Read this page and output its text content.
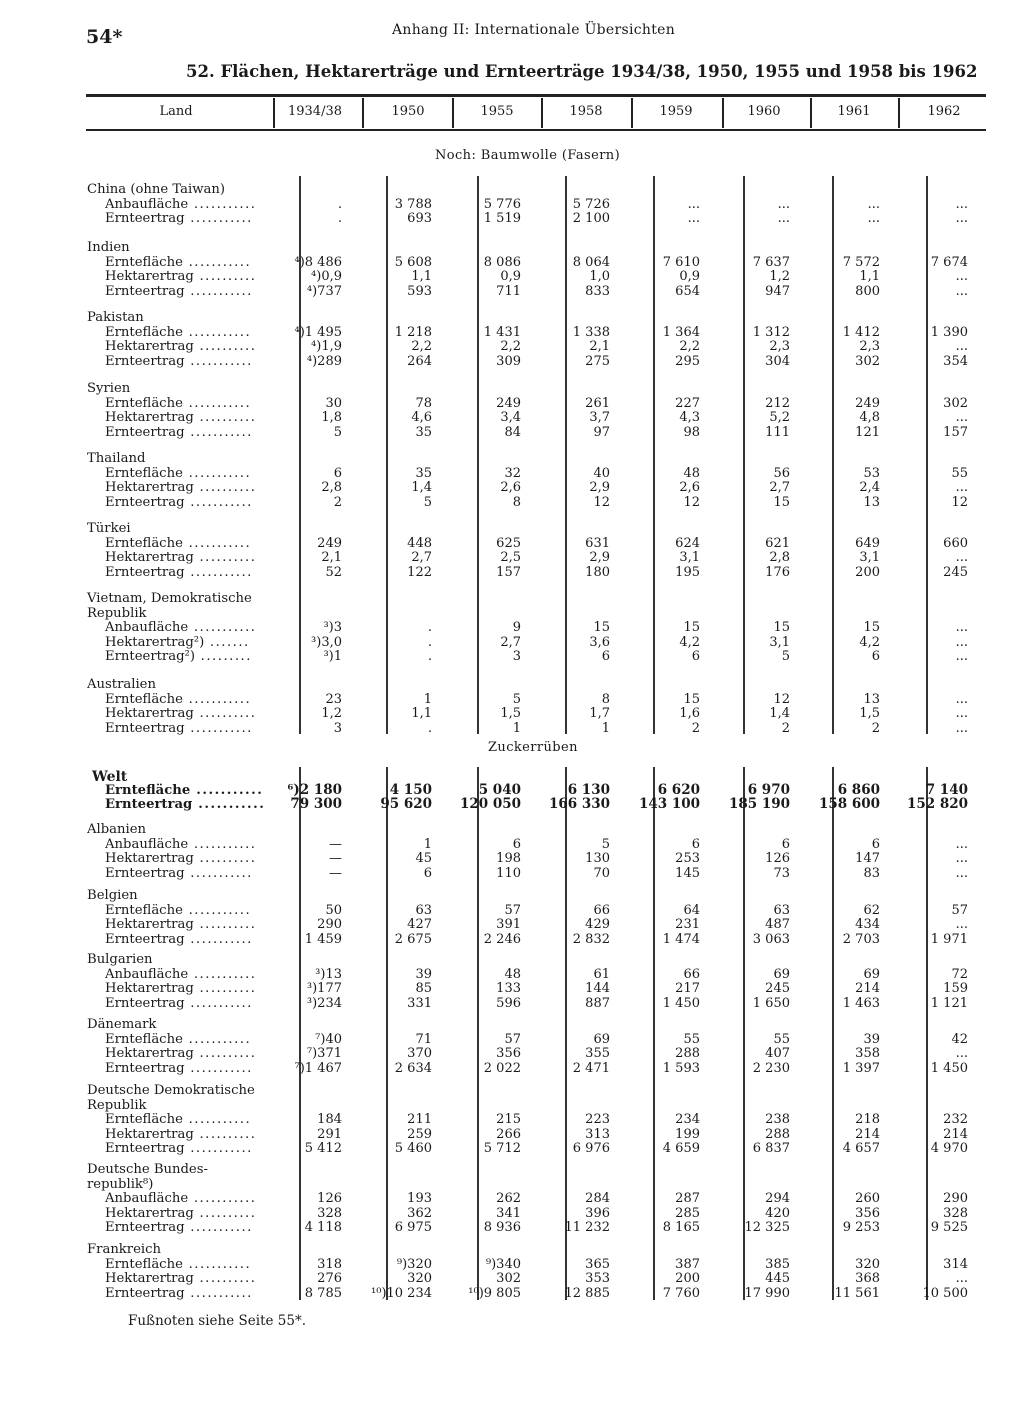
54*	Anhang II: Internationale Übersichten
52. Flächen, Hektarerträge und Ernteerträge 1934/38, 1950, 1955 und 1958 bis 1962
Land	1934/38	1950	1955	1958	1959	1960	1961	1962
Noch: Baumwolle (Fasern)
China (ohne Taiwan)
Anbaufläche ...........	.	3 788	5 776	5 726	...	...	...	...
Ernteertrag ...........	.	693	1 519	2 100	...	...	...	...
Indien
Erntefläche ...........	⁴)8 486	5 608	8 086	8 064	7 610	7 637	7 572	7 674
Hektarertrag ..........	⁴)0,9	1,1	0,9	1,0	0,9	1,2	1,1	...
Ernteertrag ...........	⁴)737	593	711	833	654	947	800	...
Pakistan
Erntefläche ...........	⁴)1 495	1 218	1 431	1 338	1 364	1 312	1 412	1 390
Hektarertrag ..........	⁴)1,9	2,2	2,2	2,1	2,2	2,3	2,3	...
Ernteertrag ...........	⁴)289	264	309	275	295	304	302	354
Syrien
Erntefläche ...........	30	78	249	261	227	212	249	302
Hektarertrag ..........	1,8	4,6	3,4	3,7	4,3	5,2	4,8	...
Ernteertrag ...........	5	35	84	97	98	111	121	157
Thailand
Erntefläche ...........	6	35	32	40	48	56	53	55
Hektarertrag ..........	2,8	1,4	2,6	2,9	2,6	2,7	2,4	...
Ernteertrag ...........	2	5	8	12	12	15	13	12
Türkei
Erntefläche ...........	249	448	625	631	624	621	649	660
Hektarertrag ..........	2,1	2,7	2,5	2,9	3,1	2,8	3,1	...
Ernteertrag ...........	52	122	157	180	195	176	200	245
Vietnam, Demokratische
Republik
Anbaufläche ...........	³)3	.	9	15	15	15	15	...
Hektarertrag²) .......	³)3,0	.	2,7	3,6	4,2	3,1	4,2	...
Ernteertrag²) .........	³)1	.	3	6	6	5	6	...
Australien
Erntefläche ...........	23	1	5	8	15	12	13	...
Hektarertrag ..........	1,2	1,1	1,5	1,7	1,6	1,4	1,5	...
Ernteertrag ...........	3	.	1	1	2	2	2	...
Zuckerrüben
Welt
Erntefläche ...........	⁶)2 180	4 150	5 040	6 130	6 620	6 970	6 860	7 140
Ernteertrag ...........	79 300	95 620	120 050	166 330	143 100	185 190	158 600	152 820
Albanien
Anbaufläche ...........	—	1	6	5	6	6	6	...
Hektarertrag ..........	—	45	198	130	253	126	147	...
Ernteertrag ...........	—	6	110	70	145	73	83	...
Belgien
Erntefläche ...........	50	63	57	66	64	63	62	57
Hektarertrag ..........	290	427	391	429	231	487	434	...
Ernteertrag ...........	1 459	2 675	2 246	2 832	1 474	3 063	2 703	1 971
Bulgarien
Anbaufläche ...........	³)13	39	48	61	66	69	69	72
Hektarertrag ..........	³)177	85	133	144	217	245	214	159
Ernteertrag ...........	³)234	331	596	887	1 450	1 650	1 463	1 121
Dänemark
Erntefläche ...........	⁷)40	71	57	69	55	55	39	42
Hektarertrag ..........	⁷)371	370	356	355	288	407	358	...
Ernteertrag ...........	⁷)1 467	2 634	2 022	2 471	1 593	2 230	1 397	1 450
Deutsche Demokratische
Republik
Erntefläche ...........	184	211	215	223	234	238	218	232
Hektarertrag ..........	291	259	266	313	199	288	214	214
Ernteertrag ...........	5 412	5 460	5 712	6 976	4 659	6 837	4 657	4 970
Deutsche Bundes-
republik⁸)
Anbaufläche ...........	126	193	262	284	287	294	260	290
Hektarertrag ..........	328	362	341	396	285	420	356	328
Ernteertrag ...........	4 118	6 975	8 936	11 232	8 165	12 325	9 253	9 525
Frankreich
Erntefläche ...........	318	⁹)320	⁹)340	365	387	385	320	314
Hektarertrag ..........	276	320	302	353	200	445	368	...
Ernteertrag ...........	8 785	¹⁰)10 234	¹⁰)9 805	12 885	7 760	17 990	11 561	10 500
Fußnoten siehe Seite 55*.
